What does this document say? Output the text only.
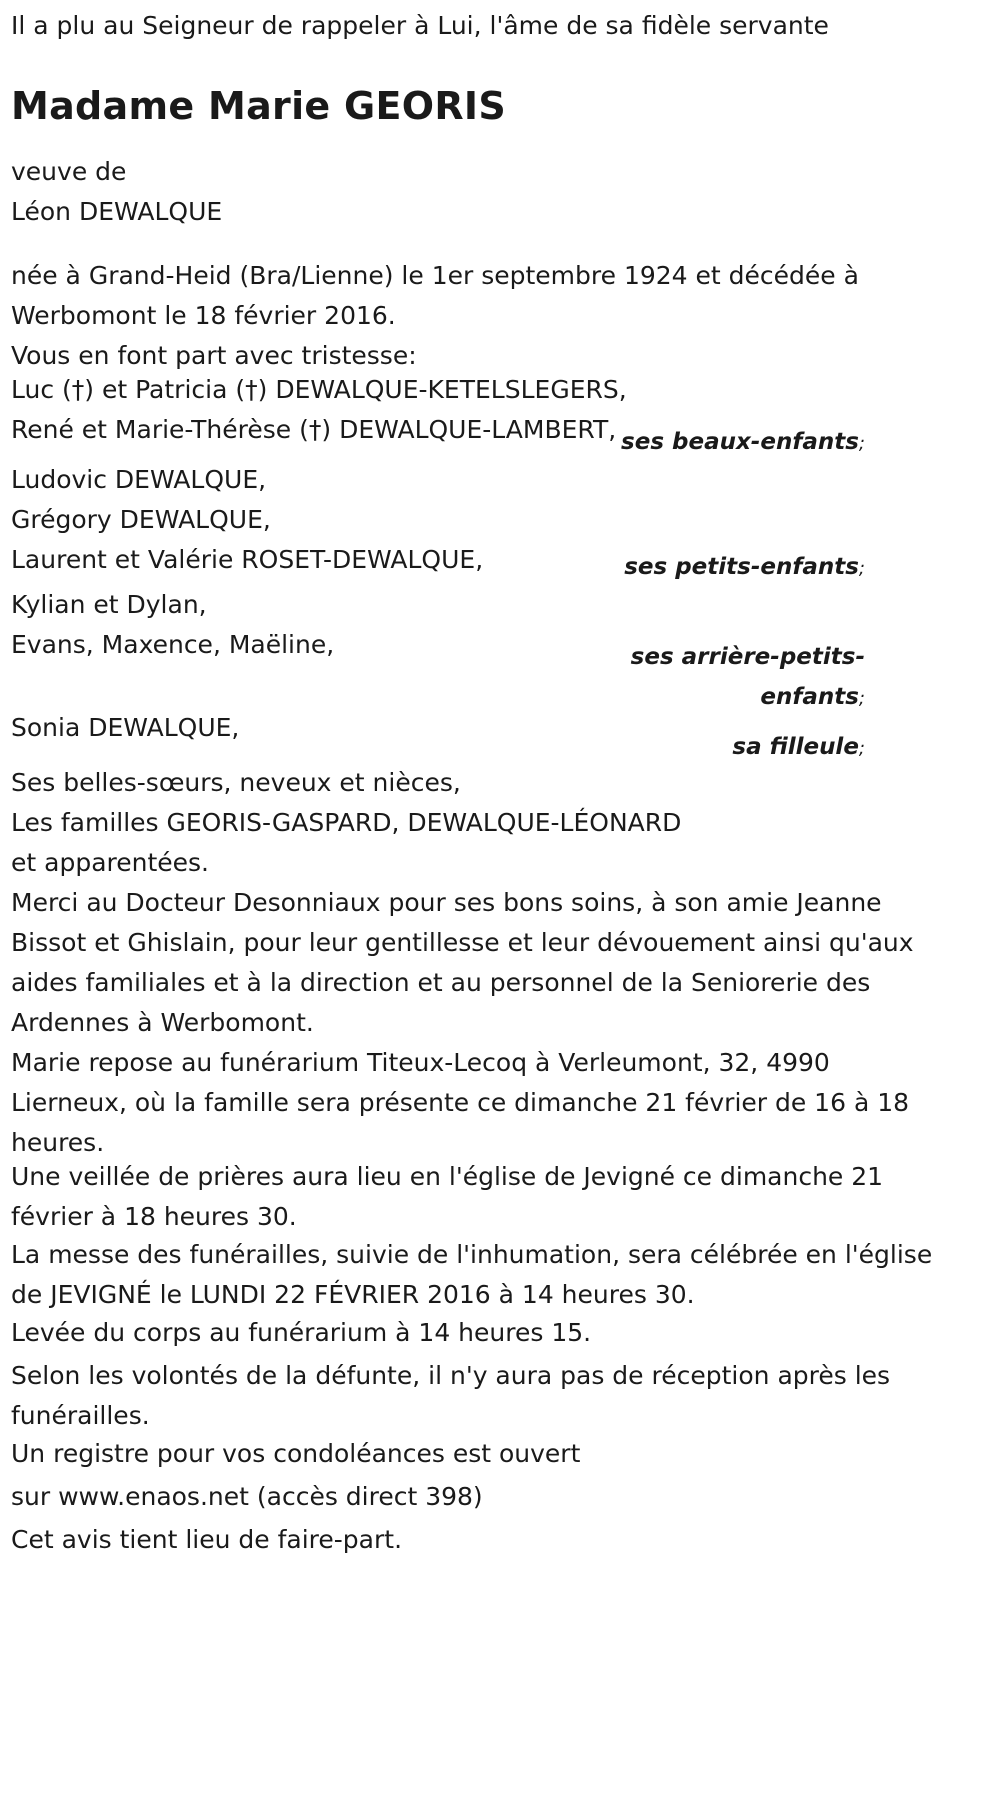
Il a plu au Seigneur de rappeler à Lui, l'âme de sa fidèle servante

Madame Marie GEORIS
veuve de
Léon DEWALQUE
née à Grand-Heid (Bra/Lienne) le 1er septembre 1924 et décédée à
Werbomont le 18 février 2016.
Vous en font part avec tristesse:
Luc (†) et Patricia (†) DEWALQUE-KETELSLEGERS,
René et Marie-Thérèse (†) DEWALQUE-LAMBERT, ses beaux-enfants;
Ludovic DEWALQUE,
Grégory DEWALQUE,
Laurent et Valérie ROSET-DEWALQUE,	ses petits-enfants;
Kylian et Dylan,
Evans, Maxence, Maëline,	ses arrière-petits-
enfants;
Sonia DEWALQUE,
sa filleule;
Ses belles-sœurs, neveux et nièces,
Les familles GEORIS-GASPARD, DEWALQUE-LÉONARD
et apparentées.
Merci au Docteur Desonniaux pour ses bons soins, à son amie Jeanne
Bissot et Ghislain, pour leur gentillesse et leur dévouement ainsi qu'aux
aides familiales et à la direction et au personnel de la Seniorerie des
Ardennes à Werbomont.
Marie repose au funérarium Titeux-Lecoq à Verleumont, 32, 4990
Lierneux, où la famille sera présente ce dimanche 21 février de 16 à 18
heures.
Une veillée de prières aura lieu en l'église de Jevigné ce dimanche 21
février à 18 heures 30.
La messe des funérailles, suivie de l'inhumation, sera célébrée en l'église
de JEVIGNÉ le LUNDI 22 FÉVRIER 2016 à 14 heures 30.
Levée du corps au funérarium à 14 heures 15.
Selon les volontés de la défunte, il n'y aura pas de réception après les
funérailles.
Un registre pour vos condoléances est ouvert
sur www.enaos.net (accès direct 398)
Cet avis tient lieu de faire-part.
